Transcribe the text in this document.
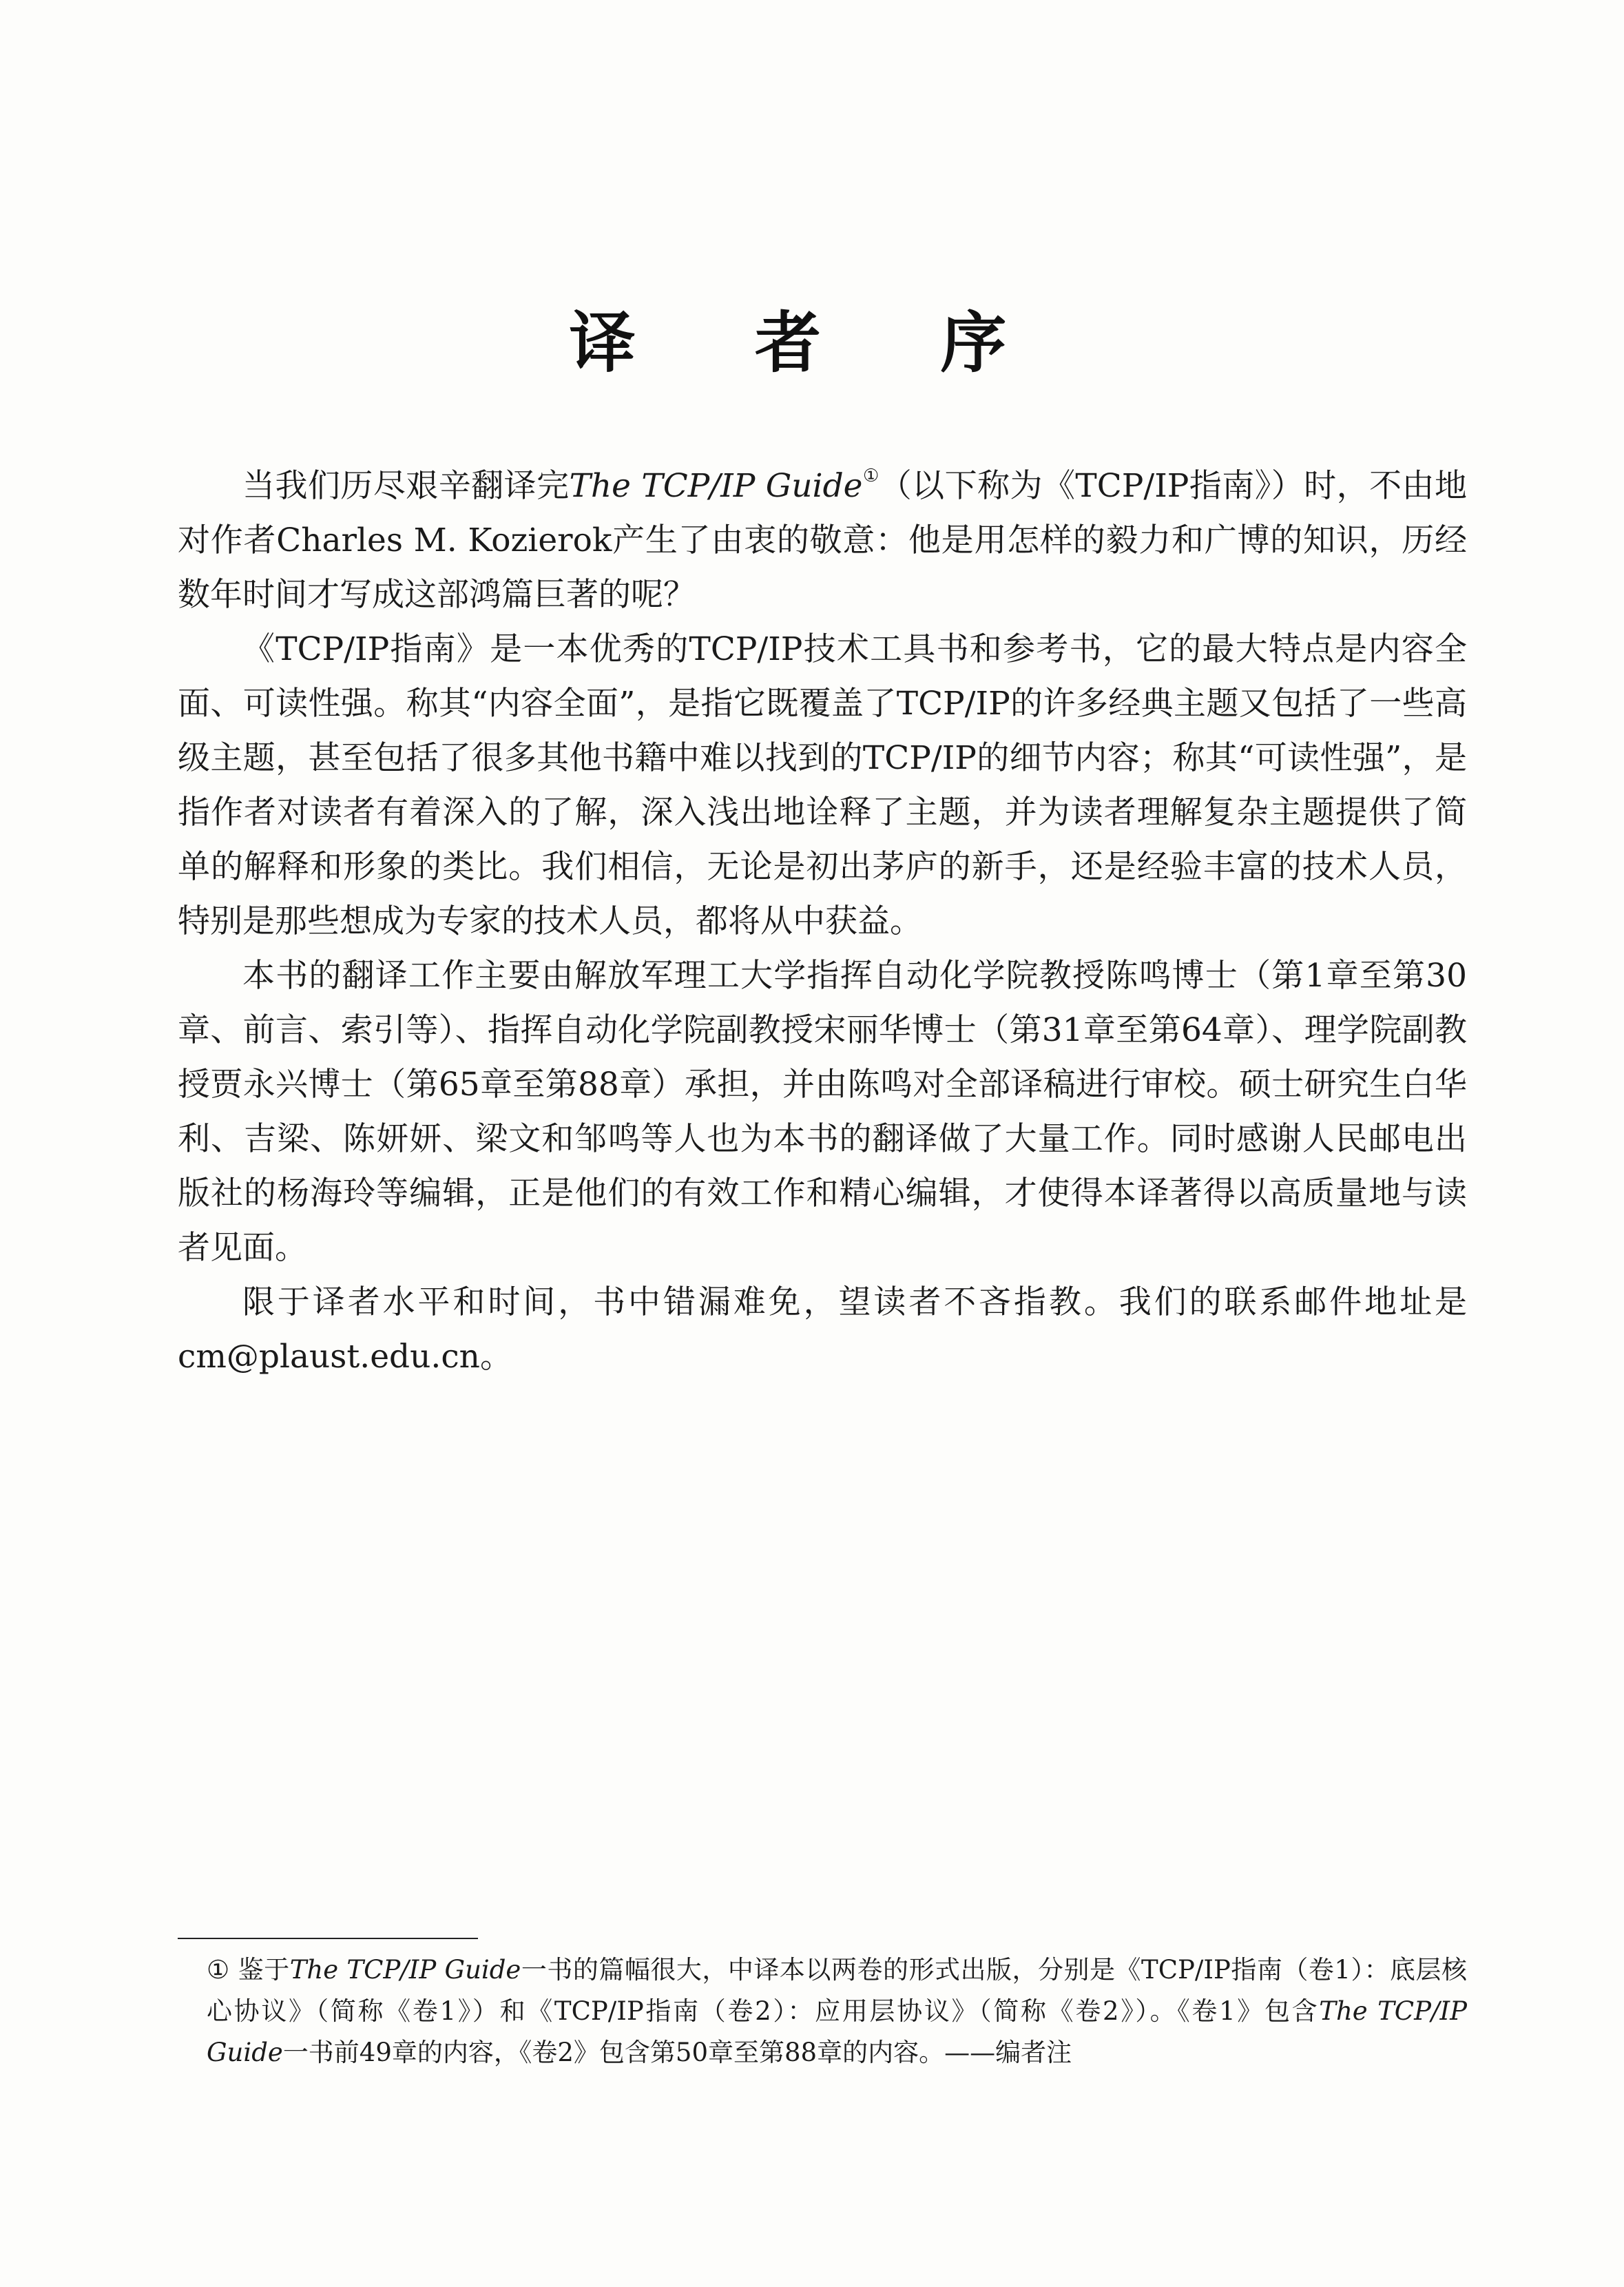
译 者 序

当我们历尽艰辛翻译完The TCP/IP Guide①（以下称为《TCP/IP指南》）时，不由地对作者Charles M. Kozierok产生了由衷的敬意：他是用怎样的毅力和广博的知识，历经数年时间才写成这部鸿篇巨著的呢？

《TCP/IP指南》是一本优秀的TCP/IP技术工具书和参考书，它的最大特点是内容全面、可读性强。称其“内容全面”，是指它既覆盖了TCP/IP的许多经典主题又包括了一些高级主题，甚至包括了很多其他书籍中难以找到的TCP/IP的细节内容；称其“可读性强”，是指作者对读者有着深入的了解，深入浅出地诠释了主题，并为读者理解复杂主题提供了简单的解释和形象的类比。我们相信，无论是初出茅庐的新手，还是经验丰富的技术人员，特别是那些想成为专家的技术人员，都将从中获益。

本书的翻译工作主要由解放军理工大学指挥自动化学院教授陈鸣博士（第1章至第30章、前言、索引等）、指挥自动化学院副教授宋丽华博士（第31章至第64章）、理学院副教授贾永兴博士（第65章至第88章）承担，并由陈鸣对全部译稿进行审校。硕士研究生白华利、吉梁、陈妍妍、梁文和邹鸣等人也为本书的翻译做了大量工作。同时感谢人民邮电出版社的杨海玲等编辑，正是他们的有效工作和精心编辑，才使得本译著得以高质量地与读者见面。

限于译者水平和时间，书中错漏难免，望读者不吝指教。我们的联系邮件地址是cm@plaust.edu.cn。

① 鉴于The TCP/IP Guide一书的篇幅很大，中译本以两卷的形式出版，分别是《TCP/IP指南（卷1）：底层核心协议》（简称《卷1》）和《TCP/IP指南（卷2）：应用层协议》（简称《卷2》）。《卷1》包含The TCP/IP Guide一书前49章的内容，《卷2》包含第50章至第88章的内容。——编者注
